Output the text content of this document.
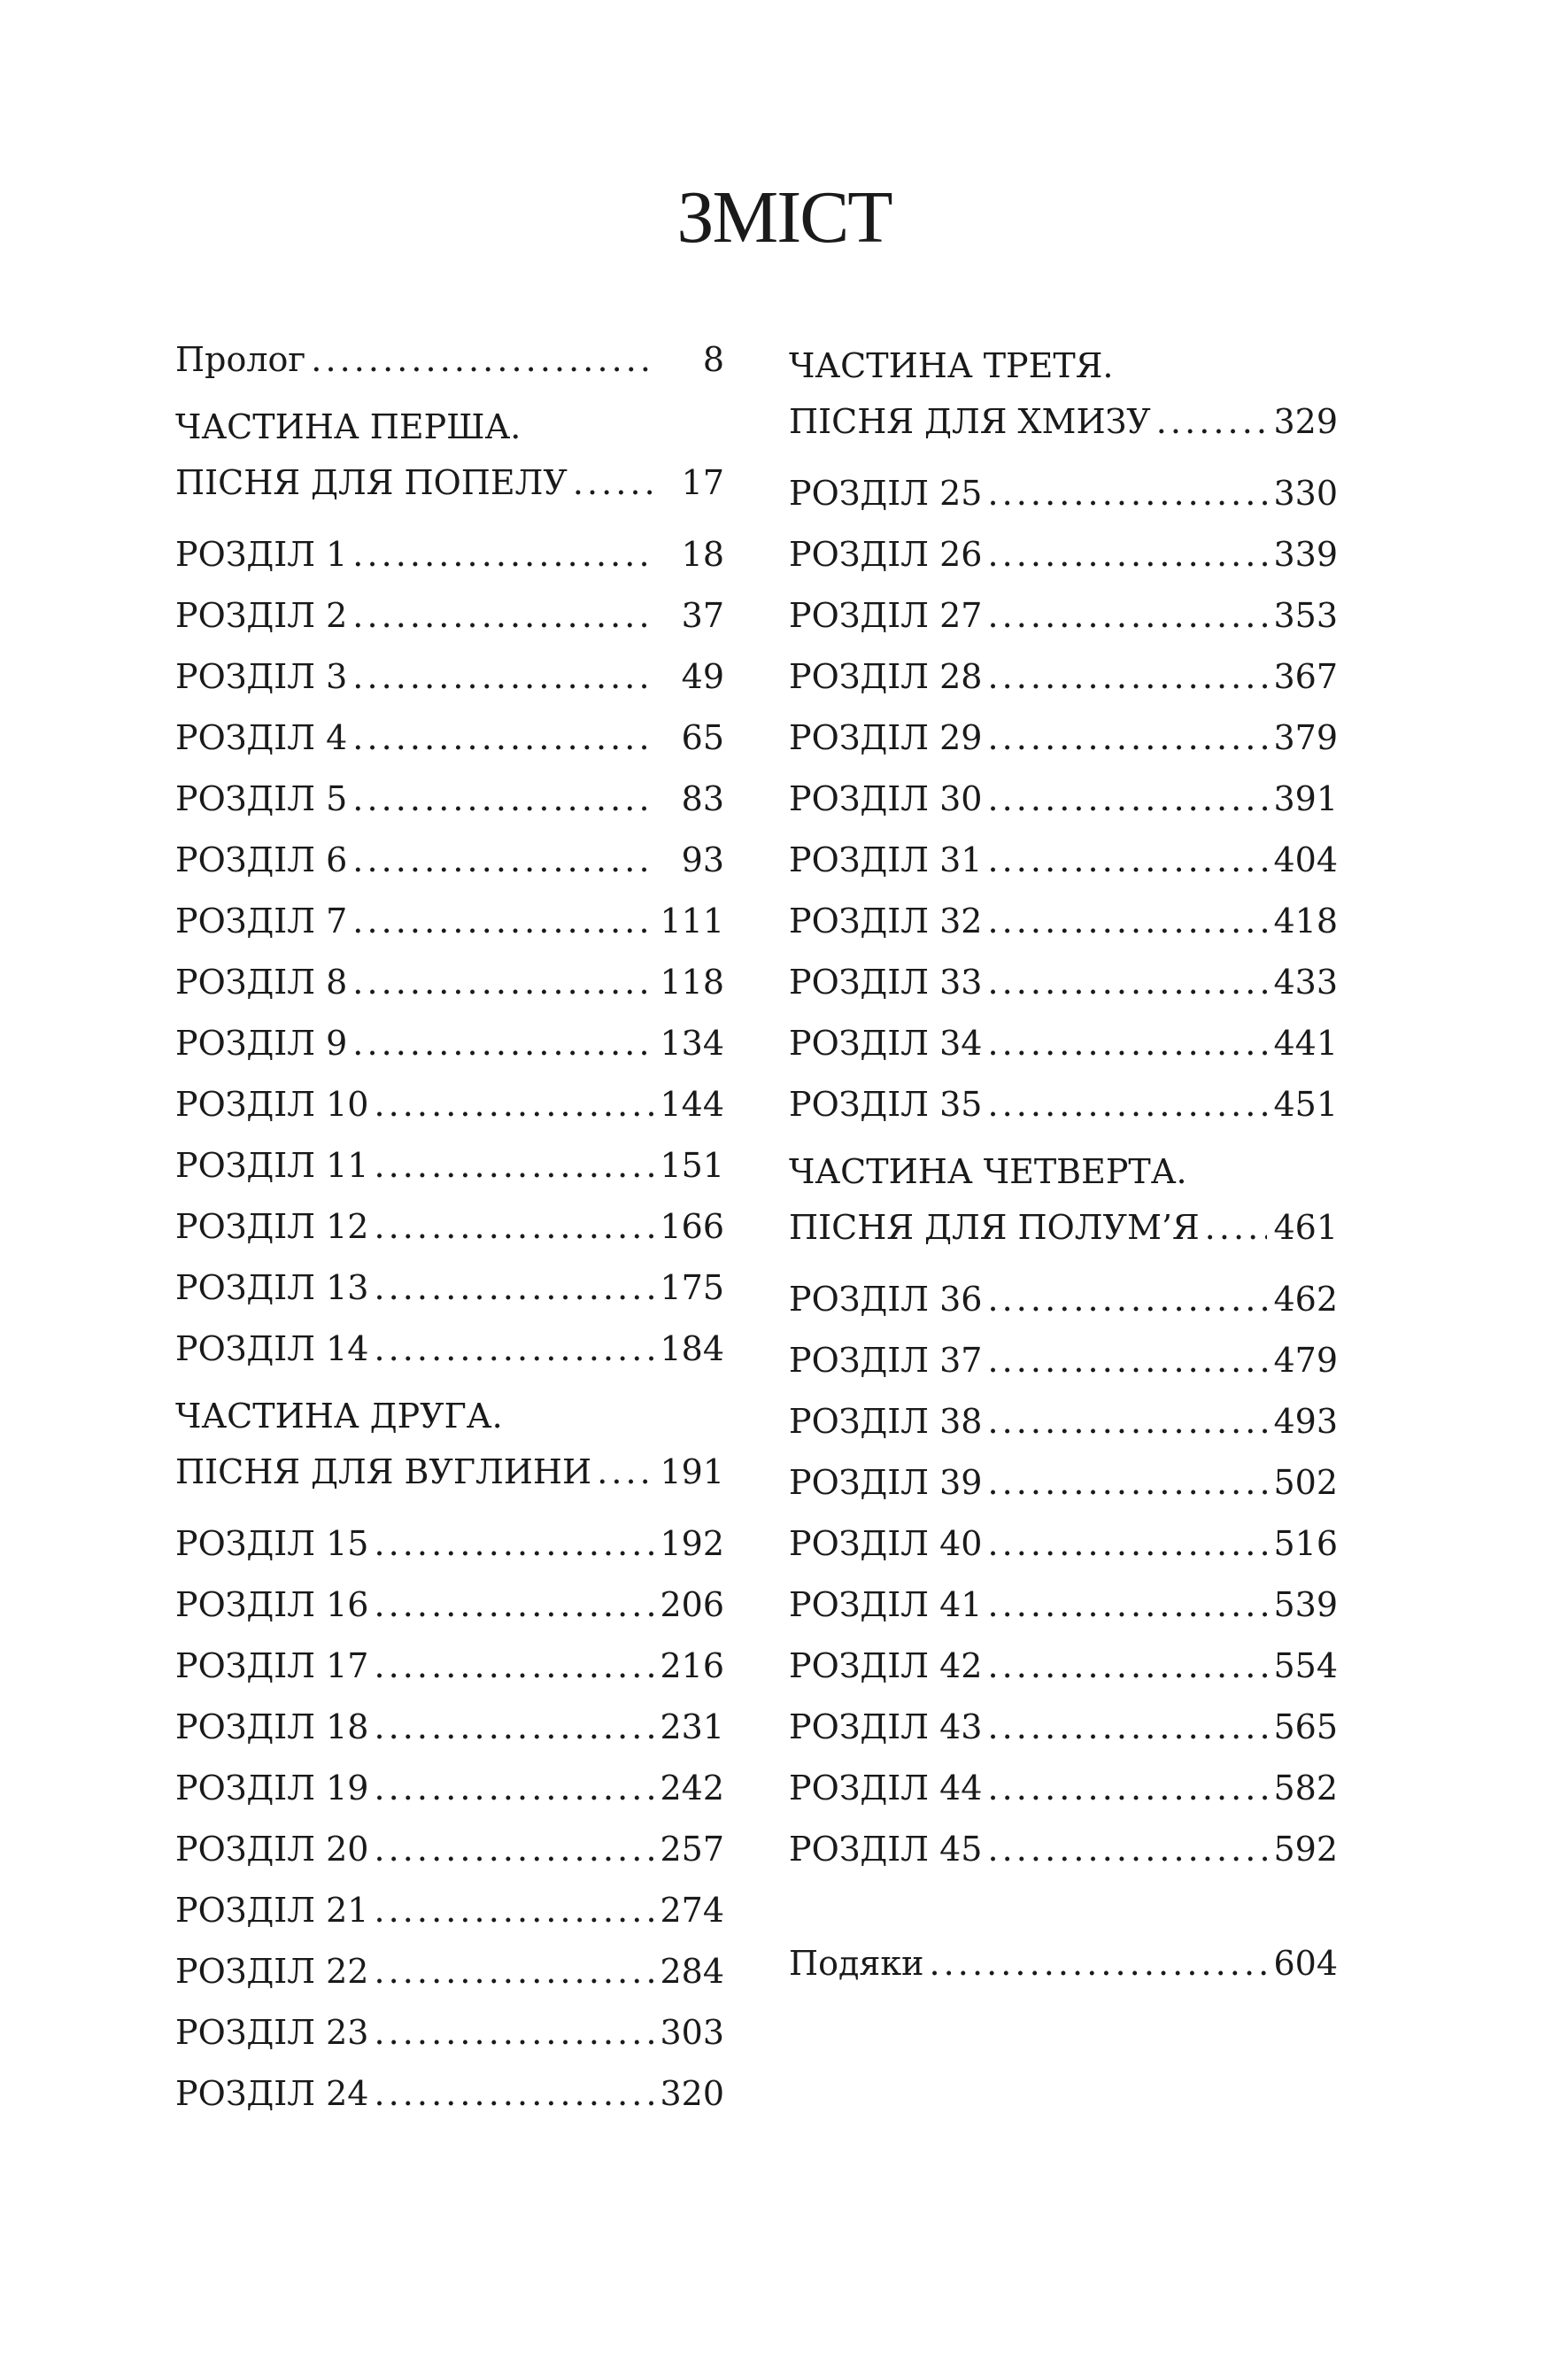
ЗМІСТ
Пролог . . .	8
ЧАСТИНА ПЕРША.
ПІСНЯ ДЛЯ ПОПЕЛУ . . .	17
РОЗДІЛ 1 . . .	18
РОЗДІЛ 2 . . .	37
РОЗДІЛ 3 . . .	49
РОЗДІЛ 4 . . .	65
РОЗДІЛ 5 . . .	83
РОЗДІЛ 6 . . .	93
РОЗДІЛ 7 . . .	111
РОЗДІЛ 8 . . .	118
РОЗДІЛ 9 . . .	134
РОЗДІЛ 10 . . .	144
РОЗДІЛ 11 . . .	151
РОЗДІЛ 12 . . .	166
РОЗДІЛ 13 . . .	175
РОЗДІЛ 14 . . .	184
ЧАСТИНА ДРУГА.
ПІСНЯ ДЛЯ ВУГЛИНИ . . . 191
РОЗДІЛ 15 . . .	192
РОЗДІЛ 16 . . .	206
РОЗДІЛ 17 . . .	216
РОЗДІЛ 18 . . .	231
РОЗДІЛ 19 . . .	242
РОЗДІЛ 20 . . .	257
РОЗДІЛ 21 . . .	274
РОЗДІЛ 22 . . .	284
РОЗДІЛ 23 . . .	303
РОЗДІЛ 24 . . .	320
ЧАСТИНА ТРЕТЯ.
ПІСНЯ ДЛЯ ХМИЗУ . . .	329
РОЗДІЛ 25 . . .	330
РОЗДІЛ 26 . . .	339
РОЗДІЛ 27 . . .	353
РОЗДІЛ 28 . . .	367
РОЗДІЛ 29 . . .	379
РОЗДІЛ 30 . . .	391
РОЗДІЛ 31 . . .	404
РОЗДІЛ 32 . . .	418
РОЗДІЛ 33 . . .	433
РОЗДІЛ 34 . . .	441
РОЗДІЛ 35 . . .	451
ЧАСТИНА ЧЕТВЕРТА.
ПІСНЯ ДЛЯ ПОЛУМ’Я . . . 461
РОЗДІЛ 36 . . .	462
РОЗДІЛ 37 . . .	479
РОЗДІЛ 38 . . .	493
РОЗДІЛ 39 . . .	502
РОЗДІЛ 40 . . .	516
РОЗДІЛ 41 . . .	539
РОЗДІЛ 42 . . .	554
РОЗДІЛ 43 . . .	565
РОЗДІЛ 44 . . .	582
РОЗДІЛ 45 . . .	592
Подяки . . .	604
